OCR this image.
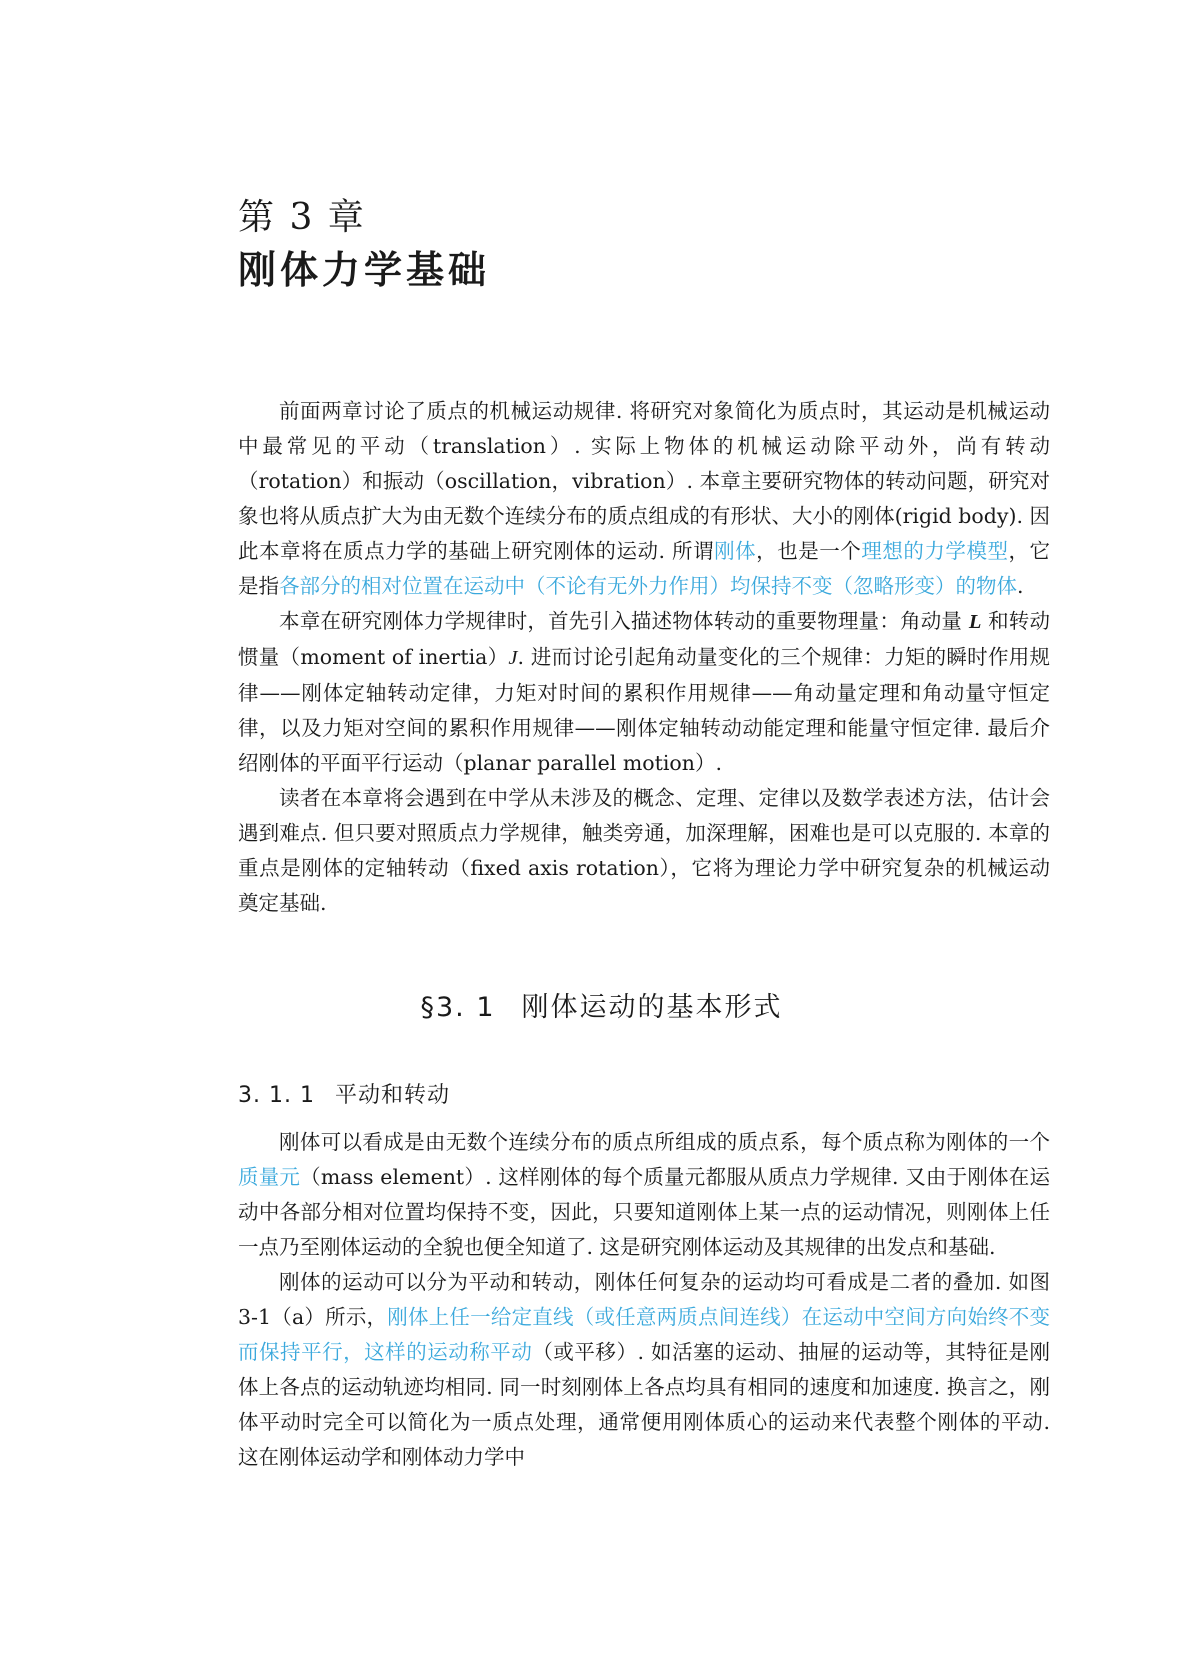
第 3 章
刚体力学基础

前面两章讨论了质点的机械运动规律. 将研究对象简化为质点时，其运动是机械运动中最常见的平动（translation）. 实际上物体的机械运动除平动外，尚有转动（rotation）和振动（oscillation，vibration）. 本章主要研究物体的转动问题，研究对象也将从质点扩大为由无数个连续分布的质点组成的有形状、大小的刚体(rigid body). 因此本章将在质点力学的基础上研究刚体的运动. 所谓刚体，也是一个理想的力学模型，它是指各部分的相对位置在运动中（不论有无外力作用）均保持不变（忽略形变）的物体.

本章在研究刚体力学规律时，首先引入描述物体转动的重要物理量：角动量 L 和转动惯量（moment of inertia）J. 进而讨论引起角动量变化的三个规律：力矩的瞬时作用规律——刚体定轴转动定律，力矩对时间的累积作用规律——角动量定理和角动量守恒定律，以及力矩对空间的累积作用规律——刚体定轴转动动能定理和能量守恒定律. 最后介绍刚体的平面平行运动（planar parallel motion）.

读者在本章将会遇到在中学从未涉及的概念、定理、定律以及数学表述方法，估计会遇到难点. 但只要对照质点力学规律，触类旁通，加深理解，困难也是可以克服的. 本章的重点是刚体的定轴转动（fixed axis rotation），它将为理论力学中研究复杂的机械运动奠定基础.

§3. 1 刚体运动的基本形式
3. 1. 1 平动和转动

刚体可以看成是由无数个连续分布的质点所组成的质点系，每个质点称为刚体的一个质量元（mass element）. 这样刚体的每个质量元都服从质点力学规律. 又由于刚体在运动中各部分相对位置均保持不变，因此，只要知道刚体上某一点的运动情况，则刚体上任一点乃至刚体运动的全貌也便全知道了. 这是研究刚体运动及其规律的出发点和基础.

刚体的运动可以分为平动和转动，刚体任何复杂的运动均可看成是二者的叠加. 如图 3-1（a）所示，刚体上任一给定直线（或任意两质点间连线）在运动中空间方向始终不变而保持平行，这样的运动称平动（或平移）. 如活塞的运动、抽屉的运动等，其特征是刚体上各点的运动轨迹均相同. 同一时刻刚体上各点均具有相同的速度和加速度. 换言之，刚体平动时完全可以简化为一质点处理，通常便用刚体质心的运动来代表整个刚体的平动. 这在刚体运动学和刚体动力学中
